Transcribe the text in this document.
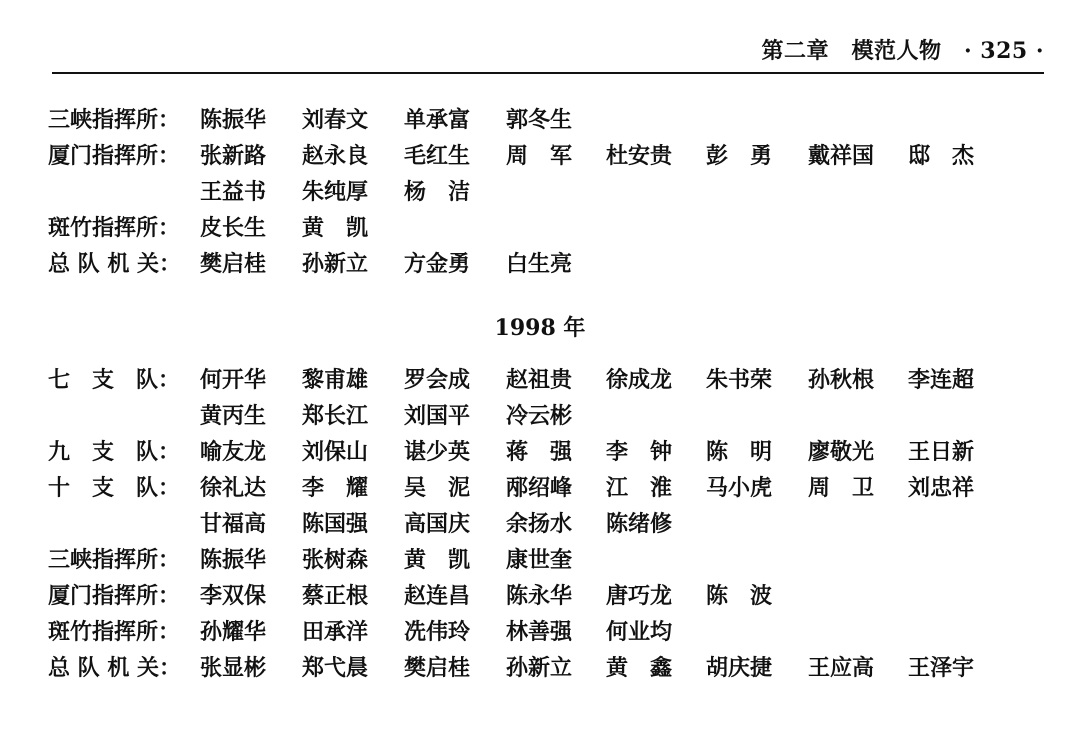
第二章　模范人物　· 325 ·
三峡指挥所： 陈振华 刘春文 单承富 郭冬生
厦门指挥所： 张新路 赵永良 毛红生 周　军 杜安贵 彭　勇 戴祥国 邸　杰
王益书 朱纯厚 杨　洁
斑竹指挥所： 皮长生 黄　凯
总 队 机 关： 樊启桂 孙新立 方金勇 白生亮
1998 年
七　支　队： 何开华 黎甫雄 罗会成 赵祖贵 徐成龙 朱书荣 孙秋根 李连超
黄丙生 郑长江 刘国平 冷云彬
九　支　队： 喻友龙 刘保山 谌少英 蒋　强 李　钟 陈　明 廖敬光 王日新
十　支　队： 徐礼达 李　耀 吴　泥 邴绍峰 江　淮 马小虎 周　卫 刘忠祥
甘福高 陈国强 高国庆 余扬水 陈绪修
三峡指挥所： 陈振华 张树森 黄　凯 康世奎
厦门指挥所： 李双保 蔡正根 赵连昌 陈永华 唐巧龙 陈　波
斑竹指挥所： 孙耀华 田承洋 冼伟玲 林善强 何业均
总 队 机 关： 张显彬 郑弋晨 樊启桂 孙新立 黄　鑫 胡庆捷 王应高 王泽宇
